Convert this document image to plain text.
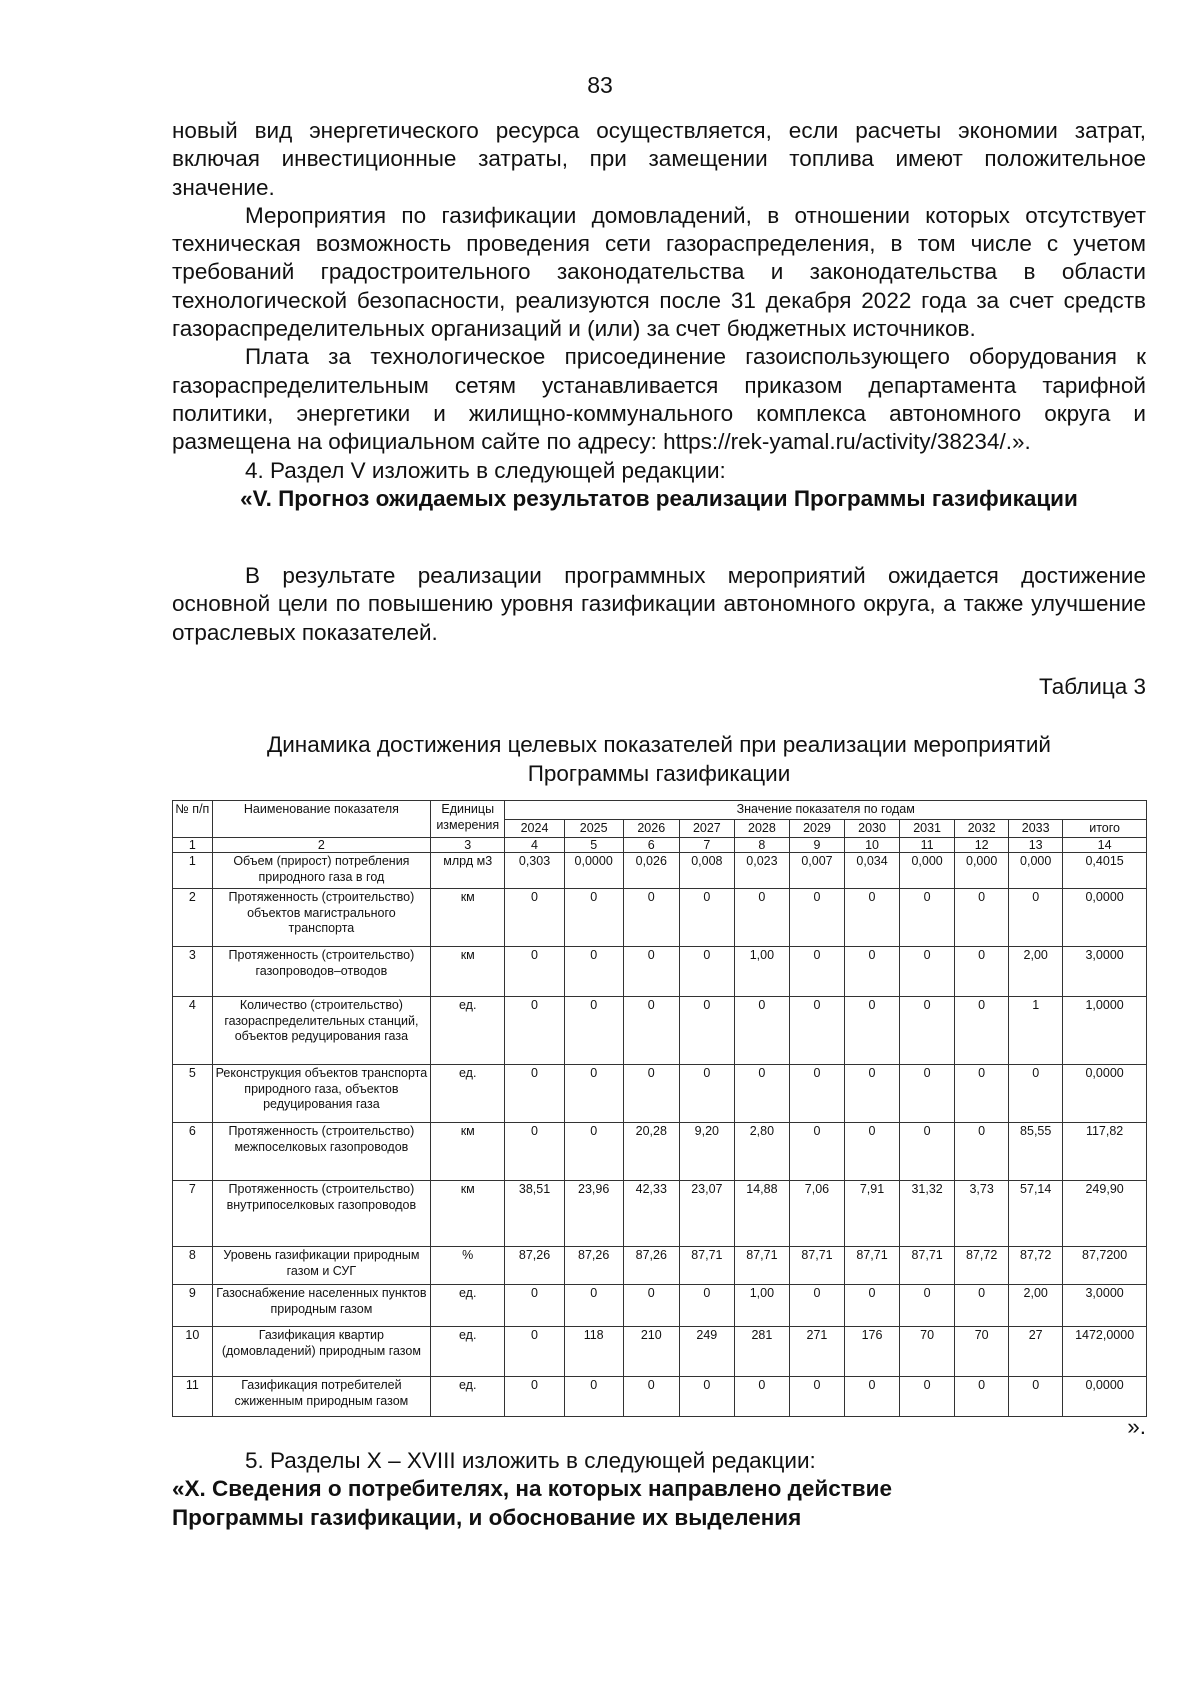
83

новый вид энергетического ресурса осуществляется, если расчеты экономии затрат, включая инвестиционные затраты, при замещении топлива имеют положительное значение.

Мероприятия по газификации домовладений, в отношении которых отсутствует техническая возможность проведения сети газораспределения, в том числе с учетом требований градостроительного законодательства и законодательства в области технологической безопасности, реализуются после 31 декабря 2022 года за счет средств газораспределительных организаций и (или) за счет бюджетных источников.

Плата за технологическое присоединение газоиспользующего оборудования к газораспределительным сетям устанавливается приказом департамента тарифной политики, энергетики и жилищно-коммунального комплекса автономного округа и размещена на официальном сайте по адресу: https://rek-yamal.ru/activity/38234/.».

4. Раздел V изложить в следующей редакции:

«V. Прогноз ожидаемых результатов реализации Программы газификации

В результате реализации программных мероприятий ожидается достижение основной цели по повышению уровня газификации автономного округа, а также улучшение отраслевых показателей.

Таблица 3
Динамика достижения целевых показателей при реализации мероприятий
Программы газификации
№ п/п	Наименование показателя	Единицы измерения	Значение показателя по годам										
			2024	2025	2026	2027	2028	2029	2030	2031	2032	2033	итого
1	2	3	4	5	6	7	8	9	10	11	12	13	14
1	Объем (прирост) потребления природного газа в год	млрд м3	0,303	0,0000	0,026	0,008	0,023	0,007	0,034	0,000	0,000	0,000	0,4015
2	Протяженность (строительство) объектов магистрального транспорта	км	0	0	0	0	0	0	0	0	0	0	0,0000
3	Протяженность (строительство) газопроводов–отводов	км	0	0	0	0	1,00	0	0	0	0	2,00	3,0000
4	Количество (строительство) газораспределительных станций, объектов редуцирования газа	ед.	0	0	0	0	0	0	0	0	0	1	1,0000
5	Реконструкция объектов транспорта природного газа, объектов редуцирования газа	ед.	0	0	0	0	0	0	0	0	0	0	0,0000
6	Протяженность (строительство) межпоселковых газопроводов	км	0	0	20,28	9,20	2,80	0	0	0	0	85,55	117,82
7	Протяженность (строительство) внутрипоселковых газопроводов	км	38,51	23,96	42,33	23,07	14,88	7,06	7,91	31,32	3,73	57,14	249,90
8	Уровень газификации природным газом и СУГ	%	87,26	87,26	87,26	87,71	87,71	87,71	87,71	87,71	87,72	87,72	87,7200
9	Газоснабжение населенных пунктов природным газом	ед.	0	0	0	0	1,00	0	0	0	0	2,00	3,0000
10	Газификация квартир (домовладений) природным газом	ед.	0	118	210	249	281	271	176	70	70	27	1472,0000
11	Газификация потребителей сжиженным природным газом	ед.	0	0	0	0	0	0	0	0	0	0	0,0000
».

5. Разделы X – XVIII изложить в следующей редакции:

«X. Сведения о потребителях, на которых направлено действие
Программы газификации, и обоснование их выделения
